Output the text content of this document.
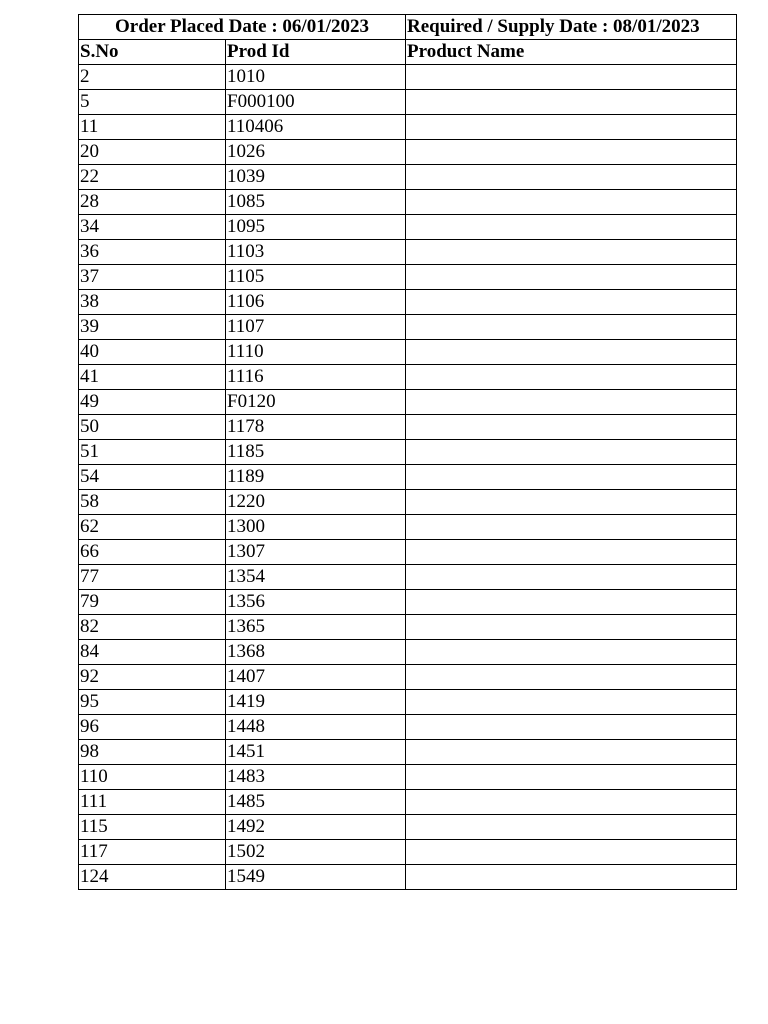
Order Placed Date : 06/01/2023		Required / Supply Date : 08/01/2023
S.No	Prod Id	Product Name
2	1010	
5	F000100	
11	110406	
20	1026	
22	1039	
28	1085	
34	1095	
36	1103	
37	1105	
38	1106	
39	1107	
40	1110	
41	1116	
49	F0120	
50	1178	
51	1185	
54	1189	
58	1220	
62	1300	
66	1307	
77	1354	
79	1356	
82	1365	
84	1368	
92	1407	
95	1419	
96	1448	
98	1451	
110	1483	
111	1485	
115	1492	
117	1502	
124	1549	
